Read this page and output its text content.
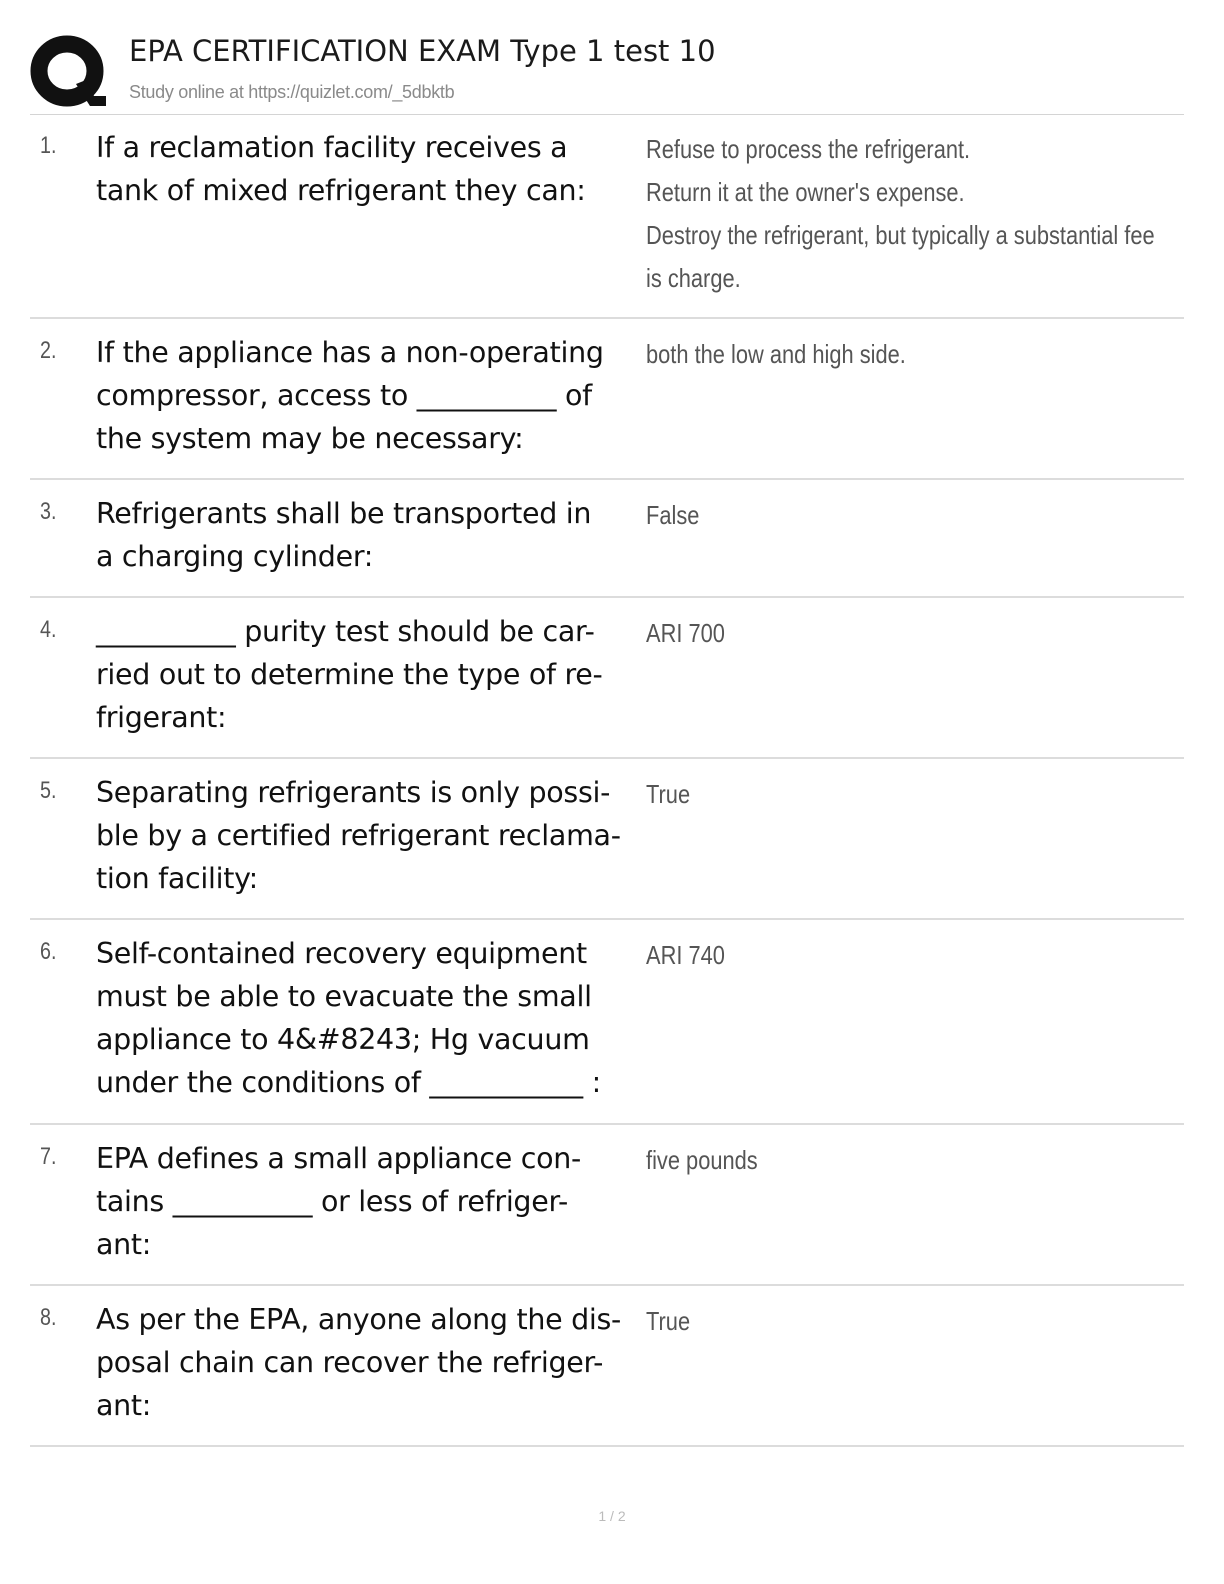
EPA CERTIFICATION EXAM Type 1 test 10
Study online at https://quizlet.com/_5dbktb
1. If a reclamation facility receives a
tank of mixed refrigerant they can:
Refuse to process the refrigerant.
Return it at the owner's expense.
Destroy the refrigerant, but typically a substantial fee
is charge.
2. If the appliance has a non-operating
compressor, access to __________ of
the system may be necessary:
both the low and high side.
3. Refrigerants shall be transported in
a charging cylinder:
False
4. __________ purity test should be car-
ried out to determine the type of re-
frigerant:
ARI 700
5. Separating refrigerants is only possi-
ble by a certified refrigerant reclama-
tion facility:
True
6. Self-contained recovery equipment
must be able to evacuate the small
appliance to 4&#8243; Hg vacuum
under the conditions of ___________ :
ARI 740
7. EPA defines a small appliance con-
tains __________ or less of refriger-
ant:
five pounds
8. As per the EPA, anyone along the dis-
posal chain can recover the refriger-
ant:
True
1 / 2
